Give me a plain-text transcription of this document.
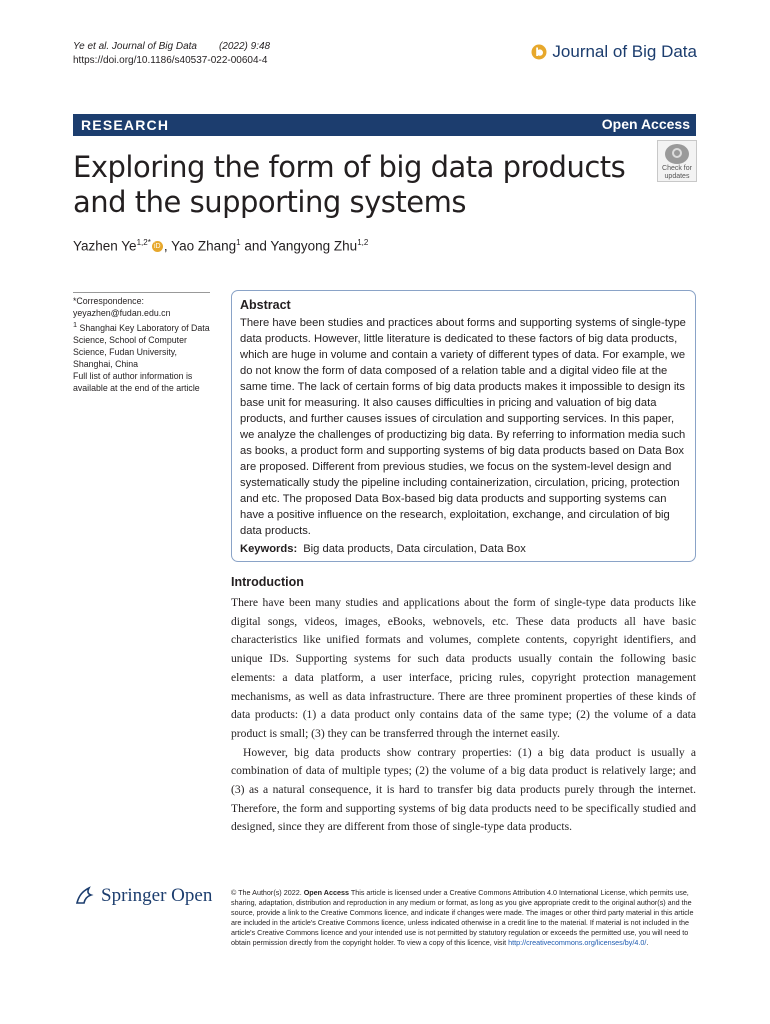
Ye et al. Journal of Big Data (2022) 9:48
https://doi.org/10.1186/s40537-022-00604-4	Journal of Big Data
RESEARCH	Open Access
Exploring the form of big data products and the supporting systems
Check for
updates
Yazhen $Ye^{1,2*}$ iD , Yao Zhang$^1$ and Yangyong Zhu$^{1,2}$
*Correspondence:
yeyazhen@fudan.edu.cn
$^1$ Shanghai Key Laboratory of Data Science, School of Computer Science, Fudan University, Shanghai, China
Full list of author information is available at the end of the article
Abstract

There have been studies and practices about forms and supporting systems of single-type data products. However, little literature is dedicated to these factors of big data products, which are huge in volume and contain a variety of different types of data. For example, we do not know the form of data composed of a relation table and a digital video file at the same time. The lack of certain forms of big data products makes it impossible to design its base unit for measuring. It also causes difficulties in pricing and valuation of big data products, and further causes issues of circulation and supporting services. In this paper, we analyze the challenges of productizing big data. By referring to information media such as books, a product form and supporting systems of big data products based on Data Box are proposed. Different from previous studies, we focus on the system-level design and systematically study the pipeline including containerization, circulation, pricing, protection and etc. The proposed Data Box-based big data products and supporting systems can have a positive influence on the research, exploitation, exchange, and circulation of big data products.

Keywords: Big data products, Data circulation, Data Box
Introduction

There have been many studies and applications about the form of single-type data products like digital songs, videos, images, eBooks, webnovels, etc. These data products all have basic characteristics like unified formats and volumes, complete contents, copyright identifiers, and unique IDs. Supporting systems for such data products usually contain the following basic elements: a data platform, a user interface, pricing rules, copyright protection management mechanisms, as well as data infrastructure. There are three prominent properties of these kinds of data products: (1) a data product only contains data of the same type; (2) the volume of a data product is small; (3) they can be transferred through the internet easily.

However, big data products show contrary properties: (1) a big data product is usually a combination of data of multiple types; (2) the volume of a big data product is relatively large; and (3) as a natural consequence, it is hard to transfer big data products purely through the internet. Therefore, the form and supporting systems of big data products need to be specifically studied and designed, since they are different from those of single-type data products.

Springer Open	© The Author(s) 2022. Open Access This article is licensed under a Creative Commons Attribution 4.0 International License, which permits use, sharing, adaptation, distribution and reproduction in any medium or format, as long as you give appropriate credit to the original author(s) and the source, provide a link to the Creative Commons licence, and indicate if changes were made. The images or other third party material in this article are included in the article's Creative Commons licence, unless indicated otherwise in a credit line to the material. If material is not included in the article's Creative Commons licence and your intended use is not permitted by statutory regulation or exceeds the permitted use, you will need to obtain permission directly from the copyright holder. To view a copy of this licence, visit http://creativecommons.org/licenses/by/4.0/.
